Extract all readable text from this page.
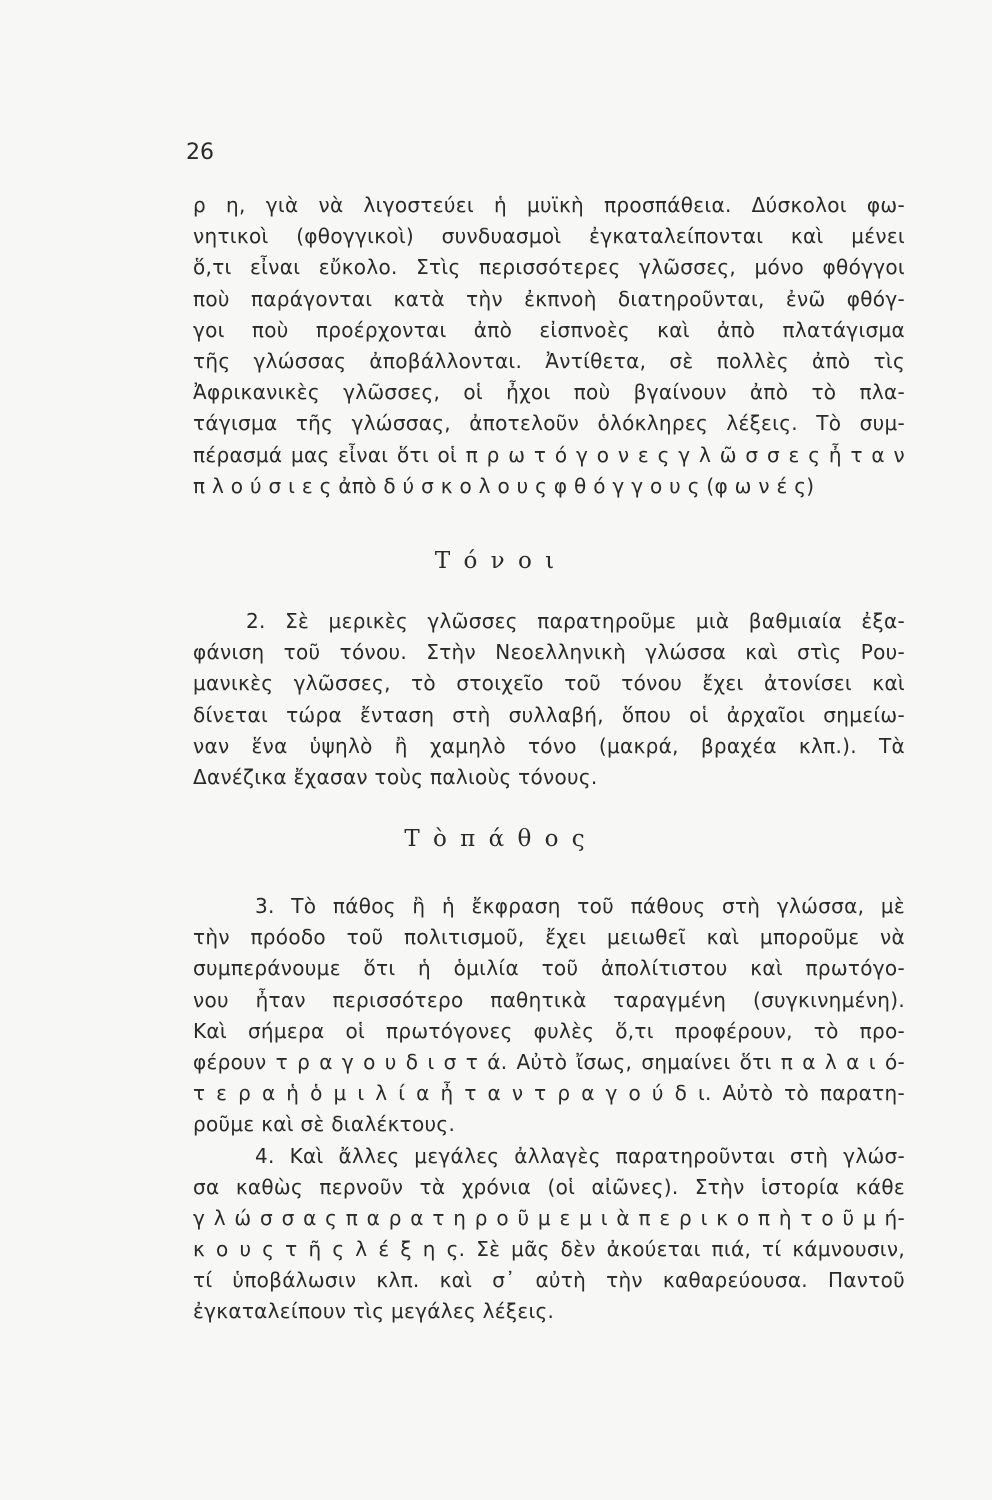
26
ρ η, γιὰ νὰ λιγοστεύει ἡ μυϊκὴ προσπάθεια. Δύσκολοι φω-
νητικοὶ (φθογγικοὶ) συνδυασμοὶ ἐγκαταλείπονται καὶ μένει
ὅ,τι εἶναι εὔκολο. Στὶς περισσότερες γλῶσσες, μόνο φθόγγοι
ποὺ παράγονται κατὰ τὴν ἐκπνοὴ διατηροῦνται, ἐνῶ φθόγ-
γοι ποὺ προέρχονται ἀπὸ εἰσπνοὲς καὶ ἀπὸ πλατάγισμα
τῆς γλώσσας ἀποβάλλονται. Ἀντίθετα, σὲ πολλὲς ἀπὸ τὶς
Ἀφρικανικὲς γλῶσσες, οἱ ἦχοι ποὺ βγαίνουν ἀπὸ τὸ πλα-
τάγισμα τῆς γλώσσας, ἀποτελοῦν ὁλόκληρες λέξεις. Τὸ συμ-
πέρασμά μας εἶναι ὅτι οἱ π ρ ω τ ό γ ο ν ε ς γ λ ῶ σ σ ε ς ἦ τ α ν
π λ ο ύ σ ι ε ς ἀπὸ δ ύ σ κ ο λ ο υ ς φ θ ό γ γ ο υ ς (φ ω ν έ ς)
Τ ό ν ο ι
2. Σὲ μερικὲς γλῶσσες παρατηροῦμε μιὰ βαθμιαία ἐξα-
φάνιση τοῦ τόνου. Στὴν Νεοελληνικὴ γλώσσα καὶ στὶς Ρου-
μανικὲς γλῶσσες, τὸ στοιχεῖο τοῦ τόνου ἔχει ἀτονίσει καὶ
δίνεται τώρα ἔνταση στὴ συλλαβή, ὅπου οἱ ἀρχαῖοι σημείω-
ναν ἕνα ὑψηλὸ ἢ χαμηλὸ τόνο (μακρά, βραχέα κλπ.). Τὰ
Δανέζικα ἔχασαν τοὺς παλιοὺς τόνους.
Τ ὸ π ά θ ο ς
3. Τὸ πάθος ἢ ἡ ἔκφραση τοῦ πάθους στὴ γλώσσα, μὲ
τὴν πρόοδο τοῦ πολιτισμοῦ, ἔχει μειωθεῖ καὶ μποροῦμε νὰ
συμπεράνουμε ὅτι ἡ ὁμιλία τοῦ ἀπολίτιστου καὶ πρωτόγο-
νου ἦταν περισσότερο παθητικὰ ταραγμένη (συγκινημένη).
Καὶ σήμερα οἱ πρωτόγονες φυλὲς ὅ,τι προφέρουν, τὸ προ-
φέρουν τ ρ α γ ο υ δ ι σ τ ά. Αὐτὸ ἴσως, σημαίνει ὅτι π α λ α ι ό-
τ ε ρ α ἡ ὁ μ ι λ ί α ἦ τ α ν τ ρ α γ ο ύ δ ι. Αὐτὸ τὸ παρατη-
ροῦμε καὶ σὲ διαλέκτους.
4. Καὶ ἄλλες μεγάλες ἀλλαγὲς παρατηροῦνται στὴ γλώσ-
σα καθὼς περνοῦν τὰ χρόνια (οἱ αἰῶνες). Στὴν ἱστορία κάθε
γ λ ώ σ σ α ς π α ρ α τ η ρ ο ῦ μ ε μ ι ὰ π ε ρ ι κ ο π ὴ τ ο ῦ μ ή-
κ ο υ ς τ ῆ ς λ έ ξ η ς. Σὲ μᾶς δὲν ἀκούεται πιά, τί κάμνουσιν,
τί ὑποβάλωσιν κλπ. καὶ σ᾽ αὐτὴ τὴν καθαρεύουσα. Παντοῦ
ἐγκαταλείπουν τὶς μεγάλες λέξεις.
